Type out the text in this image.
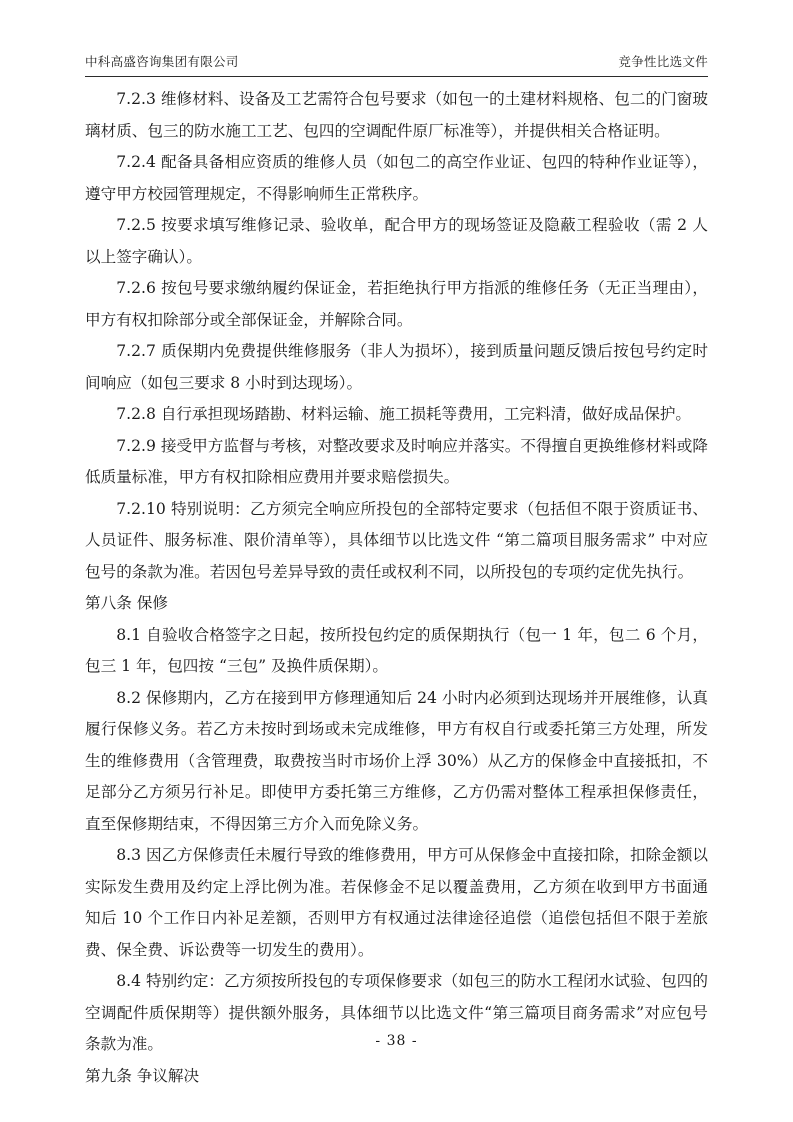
中科高盛咨询集团有限公司	竞争性比选文件

7.2.3 维修材料、设备及工艺需符合包号要求（如包一的土建材料规格、包二的门窗玻璃材质、包三的防水施工工艺、包四的空调配件原厂标准等），并提供相关合格证明。

7.2.4 配备具备相应资质的维修人员（如包二的高空作业证、包四的特种作业证等），遵守甲方校园管理规定，不得影响师生正常秩序。

7.2.5 按要求填写维修记录、验收单，配合甲方的现场签证及隐蔽工程验收（需 2 人以上签字确认）。

7.2.6 按包号要求缴纳履约保证金，若拒绝执行甲方指派的维修任务（无正当理由），甲方有权扣除部分或全部保证金，并解除合同。

7.2.7 质保期内免费提供维修服务（非人为损坏），接到质量问题反馈后按包号约定时间响应（如包三要求 8 小时到达现场）。

7.2.8 自行承担现场踏勘、材料运输、施工损耗等费用，工完料清，做好成品保护。

7.2.9 接受甲方监督与考核，对整改要求及时响应并落实。不得擅自更换维修材料或降低质量标准，甲方有权扣除相应费用并要求赔偿损失。

7.2.10 特别说明：乙方须完全响应所投包的全部特定要求（包括但不限于资质证书、人员证件、服务标准、限价清单等），具体细节以比选文件 “第二篇项目服务需求” 中对应包号的条款为准。若因包号差异导致的责任或权利不同，以所投包的专项约定优先执行。

第八条 保修

8.1 自验收合格签字之日起，按所投包约定的质保期执行（包一 1 年，包二 6 个月，包三 1 年，包四按 “三包” 及换件质保期）。

8.2 保修期内，乙方在接到甲方修理通知后 24 小时内必须到达现场并开展维修，认真履行保修义务。若乙方未按时到场或未完成维修，甲方有权自行或委托第三方处理，所发生的维修费用（含管理费，取费按当时市场价上浮 30%）从乙方的保修金中直接抵扣，不足部分乙方须另行补足。即使甲方委托第三方维修，乙方仍需对整体工程承担保修责任，直至保修期结束，不得因第三方介入而免除义务。

8.3 因乙方保修责任未履行导致的维修费用，甲方可从保修金中直接扣除，扣除金额以实际发生费用及约定上浮比例为准。若保修金不足以覆盖费用，乙方须在收到甲方书面通知后 10 个工作日内补足差额，否则甲方有权通过法律途径追偿（追偿包括但不限于差旅费、保全费、诉讼费等一切发生的费用）。

8.4 特别约定：乙方须按所投包的专项保修要求（如包三的防水工程闭水试验、包四的空调配件质保期等）提供额外服务，具体细节以比选文件“第三篇项目商务需求”对应包号条款为准。

第九条 争议解决

- 38 -
